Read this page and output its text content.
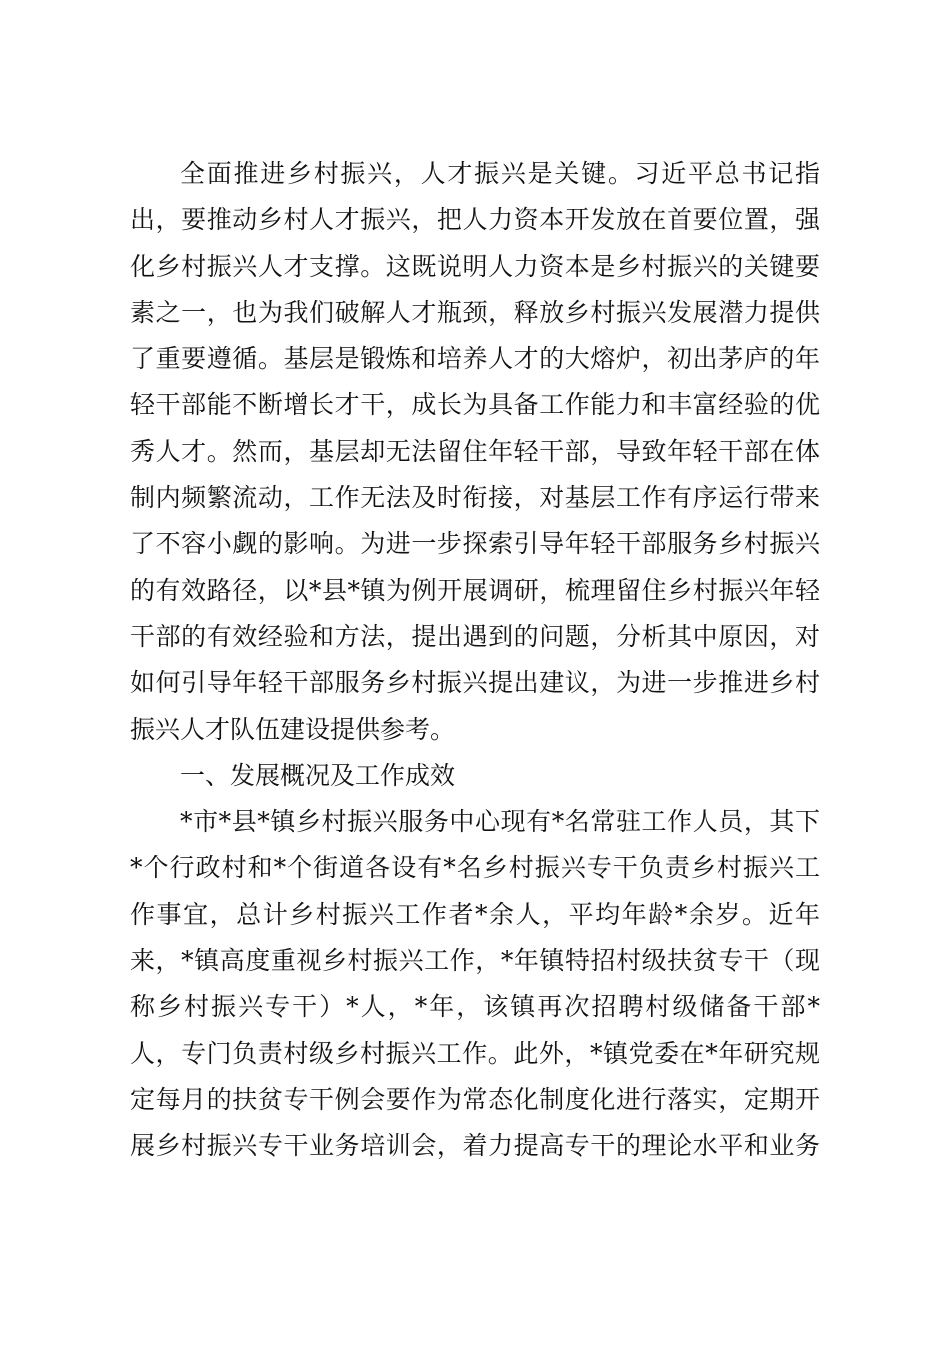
全面推进乡村振兴，人才振兴是关键。习近平总书记指
出，要推动乡村人才振兴，把人力资本开发放在首要位置，强
化乡村振兴人才支撑。这既说明人力资本是乡村振兴的关键要
素之一，也为我们破解人才瓶颈，释放乡村振兴发展潜力提供
了重要遵循。基层是锻炼和培养人才的大熔炉，初出茅庐的年
轻干部能不断增长才干，成长为具备工作能力和丰富经验的优
秀人才。然而，基层却无法留住年轻干部，导致年轻干部在体
制内频繁流动，工作无法及时衔接，对基层工作有序运行带来
了不容小觑的影响。为进一步探索引导年轻干部服务乡村振兴
的有效路径，以*县*镇为例开展调研，梳理留住乡村振兴年轻
干部的有效经验和方法，提出遇到的问题，分析其中原因，对
如何引导年轻干部服务乡村振兴提出建议，为进一步推进乡村
振兴人才队伍建设提供参考。
一、发展概况及工作成效
*市*县*镇乡村振兴服务中心现有*名常驻工作人员，其下
*个行政村和*个街道各设有*名乡村振兴专干负责乡村振兴工
作事宜，总计乡村振兴工作者*余人，平均年龄*余岁。近年
来，*镇高度重视乡村振兴工作，*年镇特招村级扶贫专干（现
称乡村振兴专干）*人，*年，该镇再次招聘村级储备干部*
人，专门负责村级乡村振兴工作。此外，*镇党委在*年研究规
定每月的扶贫专干例会要作为常态化制度化进行落实，定期开
展乡村振兴专干业务培训会，着力提高专干的理论水平和业务
